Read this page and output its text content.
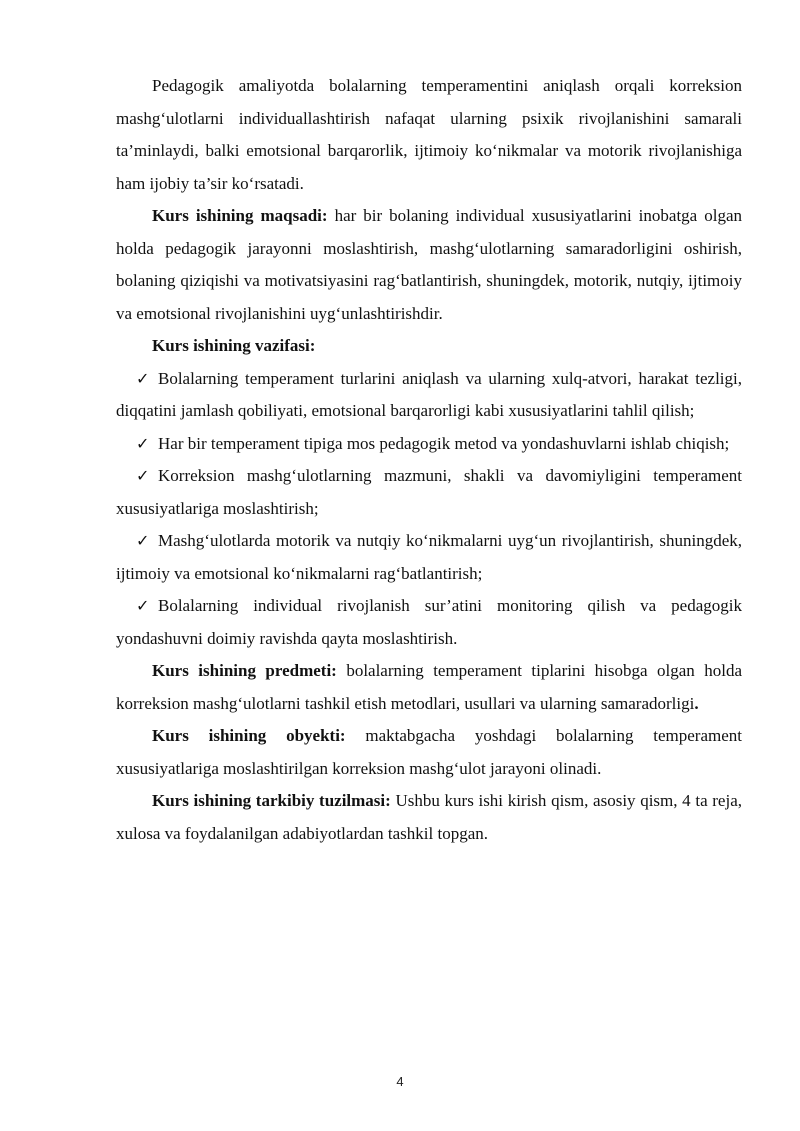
Pedagogik amaliyotda bolalarning temperamentini aniqlash orqali korreksion mashg‘ulotlarni individuallashtirish nafaqat ularning psixik rivojlanishini samarali ta’minlaydi, balki emotsional barqarorlik, ijtimoiy ko‘nikmalar va motorik rivojlanishiga ham ijobiy ta’sir ko‘rsatadi.

Kurs ishining maqsadi: har bir bolaning individual xususiyatlarini inobatga olgan holda pedagogik jarayonni moslashtirish, mashg‘ulotlarning samaradorligini oshirish, bolaning qiziqishi va motivatsiyasini rag‘batlantirish, shuningdek, motorik, nutqiy, ijtimoiy va emotsional rivojlanishini uyg‘unlashtirishdir.

Kurs ishining vazifasi:

✓ Bolalarning temperament turlarini aniqlash va ularning xulq-atvori, harakat tezligi, diqqatini jamlash qobiliyati, emotsional barqarorligi kabi xususiyatlarini tahlil qilish;

✓ Har bir temperament tipiga mos pedagogik metod va yondashuvlarni ishlab chiqish;

✓ Korreksion mashg‘ulotlarning mazmuni, shakli va davomiyligini temperament xususiyatlariga moslashtirish;

✓ Mashg‘ulotlarda motorik va nutqiy ko‘nikmalarni uyg‘un rivojlantirish, shuningdek, ijtimoiy va emotsional ko‘nikmalarni rag‘batlantirish;

✓ Bolalarning individual rivojlanish sur’atini monitoring qilish va pedagogik yondashuvni doimiy ravishda qayta moslashtirish.

Kurs ishining predmeti: bolalarning temperament tiplarini hisobga olgan holda korreksion mashg‘ulotlarni tashkil etish metodlari, usullari va ularning samaradorligi.

Kurs ishining obyekti: maktabgacha yoshdagi bolalarning temperament xususiyatlariga moslashtirilgan korreksion mashg‘ulot jarayoni olinadi.

Kurs ishining tarkibiy tuzilmasi: Ushbu kurs ishi kirish qism, asosiy qism, 4 ta reja, xulosa va foydalanilgan adabiyotlardan tashkil topgan.

4
